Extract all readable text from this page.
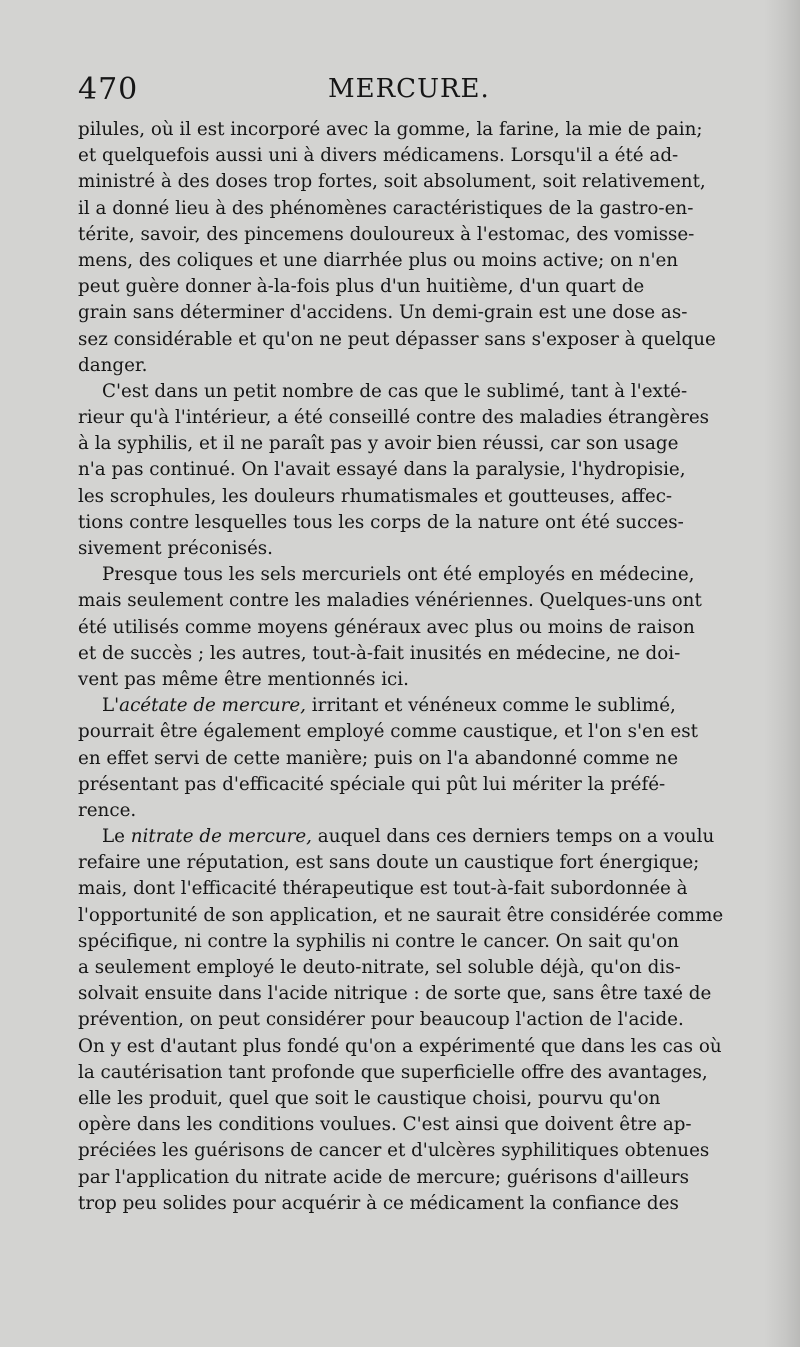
470	MERCURE.
pilules, où il est incorporé avec la gomme, la farine, la mie de pain;
et quelquefois aussi uni à divers médicamens. Lorsqu'il a été ad-
ministré à des doses trop fortes, soit absolument, soit relativement,
il a donné lieu à des phénomènes caractéristiques de la gastro-en-
térite, savoir, des pincemens douloureux à l'estomac, des vomisse-
mens, des coliques et une diarrhée plus ou moins active; on n'en
peut guère donner à-la-fois plus d'un huitième, d'un quart de
grain sans déterminer d'accidens. Un demi-grain est une dose as-
sez considérable et qu'on ne peut dépasser sans s'exposer à quelque
danger.
C'est dans un petit nombre de cas que le sublimé, tant à l'exté-
rieur qu'à l'intérieur, a été conseillé contre des maladies étrangères
à la syphilis, et il ne paraît pas y avoir bien réussi, car son usage
n'a pas continué. On l'avait essayé dans la paralysie, l'hydropisie,
les scrophules, les douleurs rhumatismales et goutteuses, affec-
tions contre lesquelles tous les corps de la nature ont été succes-
sivement préconisés.
Presque tous les sels mercuriels ont été employés en médecine,
mais seulement contre les maladies vénériennes. Quelques-uns ont
été utilisés comme moyens généraux avec plus ou moins de raison
et de succès ; les autres, tout-à-fait inusités en médecine, ne doi-
vent pas même être mentionnés ici.
L'acétate de mercure, irritant et vénéneux comme le sublimé,
pourrait être également employé comme caustique, et l'on s'en est
en effet servi de cette manière; puis on l'a abandonné comme ne
présentant pas d'efficacité spéciale qui pût lui mériter la préfé-
rence.
Le nitrate de mercure, auquel dans ces derniers temps on a voulu
refaire une réputation, est sans doute un caustique fort énergique;
mais, dont l'efficacité thérapeutique est tout-à-fait subordonnée à
l'opportunité de son application, et ne saurait être considérée comme
spécifique, ni contre la syphilis ni contre le cancer. On sait qu'on
a seulement employé le deuto-nitrate, sel soluble déjà, qu'on dis-
solvait ensuite dans l'acide nitrique : de sorte que, sans être taxé de
prévention, on peut considérer pour beaucoup l'action de l'acide.
On y est d'autant plus fondé qu'on a expérimenté que dans les cas où
la cautérisation tant profonde que superficielle offre des avantages,
elle les produit, quel que soit le caustique choisi, pourvu qu'on
opère dans les conditions voulues. C'est ainsi que doivent être ap-
préciées les guérisons de cancer et d'ulcères syphilitiques obtenues
par l'application du nitrate acide de mercure; guérisons d'ailleurs
trop peu solides pour acquérir à ce médicament la confiance des
